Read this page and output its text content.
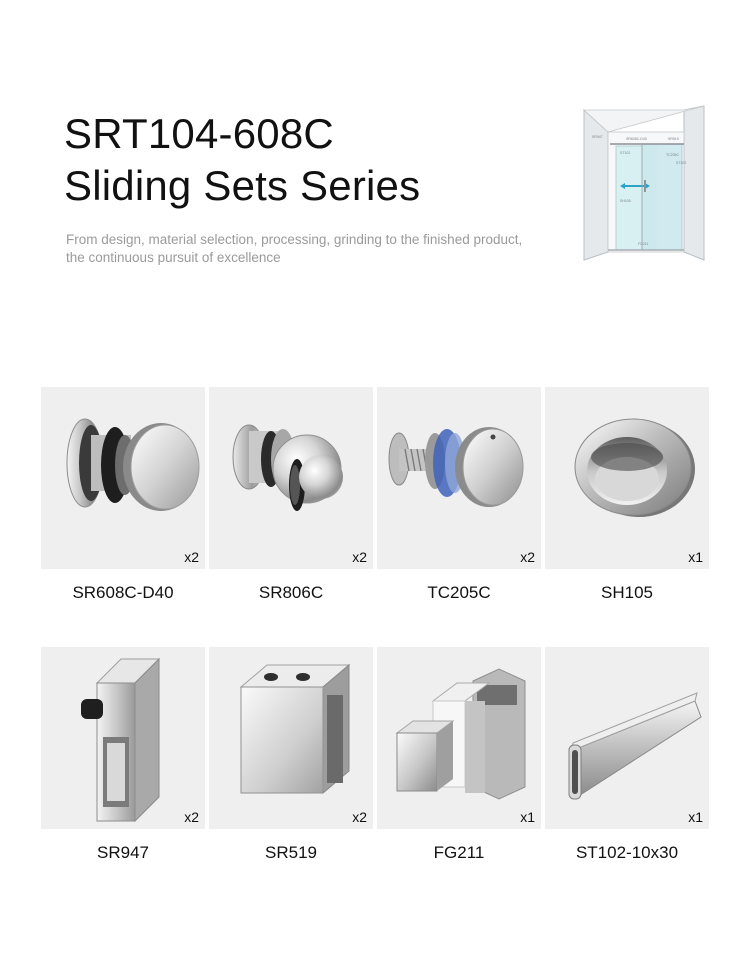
SRT104-608C
Sliding Sets Series
From design, material selection, processing, grinding to the finished product,
the continuous pursuit of excellence
SR947	SR608C-D40	SR519
ST102	TC205C
ST102
SH105
FG211
x2
SR608C-D40
x2
SR806C
x2
TC205C
x1
SH105
x2
SR947
x2
SR519
x1
FG211
x1
ST102-10x30
